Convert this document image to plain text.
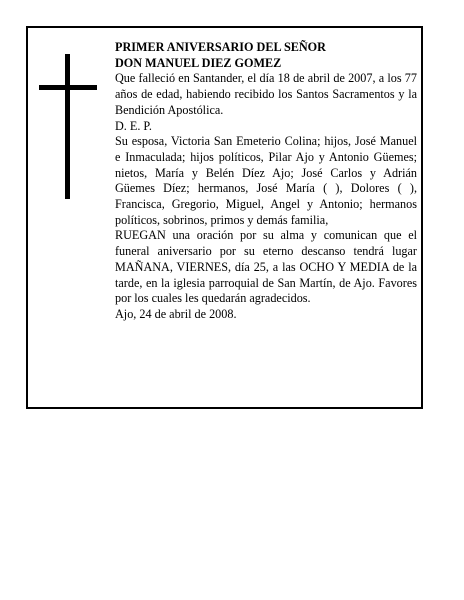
PRIMER ANIVERSARIO DEL SEÑOR

DON MANUEL DIEZ GOMEZ

Que falleció en Santander, el día 18 de abril de 2007, a los 77 años de edad, habiendo recibido los Santos Sacramentos y la Bendición Apostólica.

D. E. P.

Su esposa, Victoria San Emeterio Colina; hijos, José Manuel e Inmaculada; hijos políticos, Pilar Ajo y Antonio Güemes; nietos, María y Belén Díez Ajo; José Carlos y Adrián Güemes Díez; hermanos, José María ( ), Dolores ( ), Francisca, Gregorio, Miguel, Angel y Antonio; hermanos políticos, sobrinos, primos y demás familia,

RUEGAN una oración por su alma y comunican que el funeral aniversario por su eterno descanso tendrá lugar MAÑANA, VIERNES, día 25, a las OCHO Y MEDIA de la tarde, en la iglesia parroquial de San Martín, de Ajo. Favores por los cuales les quedarán agradecidos.

Ajo, 24 de abril de 2008.
